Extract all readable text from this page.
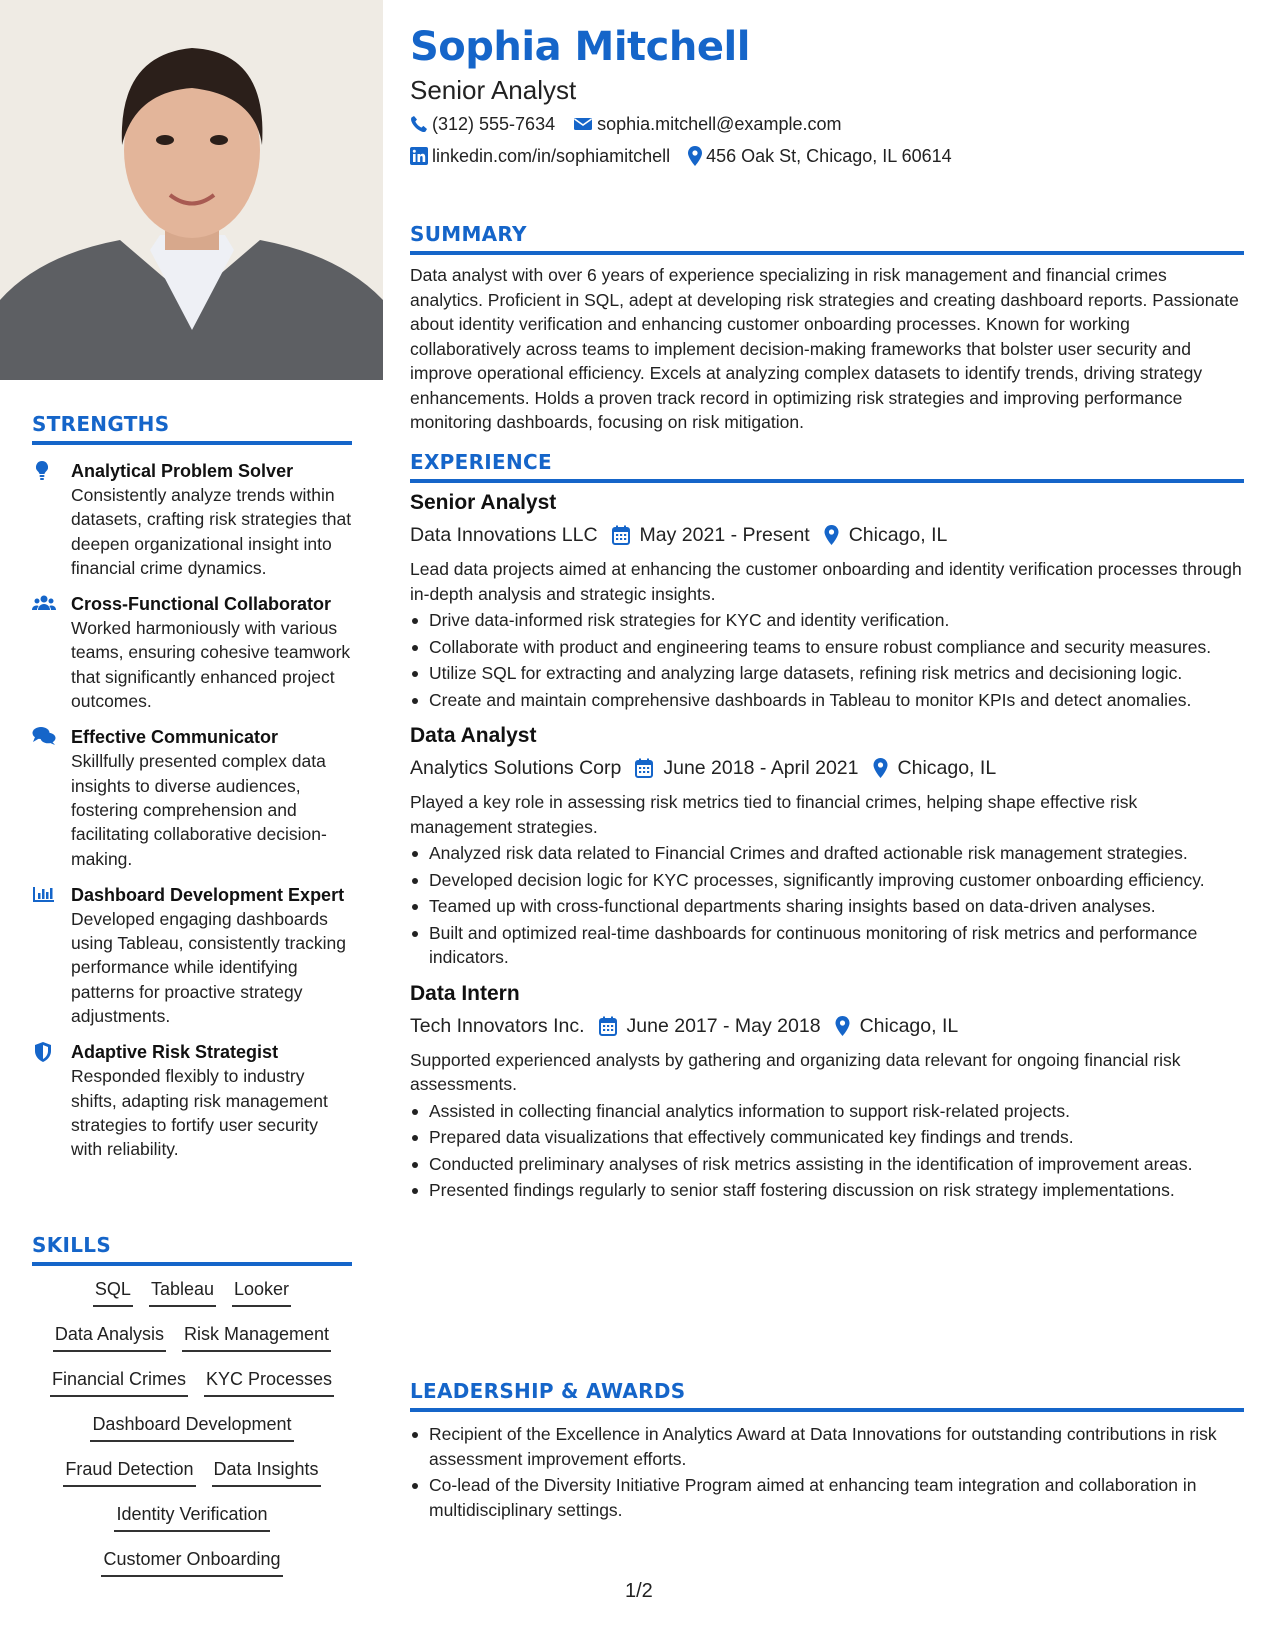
STRENGTHS
Analytical Problem Solver
Consistently analyze trends within datasets, crafting risk strategies that deepen organizational insight into financial crime dynamics.
Cross-Functional Collaborator
Worked harmoniously with various teams, ensuring cohesive teamwork that significantly enhanced project outcomes.
Effective Communicator
Skillfully presented complex data insights to diverse audiences, fostering comprehension and facilitating collaborative decision-making.
Dashboard Development Expert
Developed engaging dashboards using Tableau, consistently tracking performance while identifying patterns for proactive strategy adjustments.
Adaptive Risk Strategist
Responded flexibly to industry shifts, adapting risk management strategies to fortify user security with reliability.
SKILLS
SQL Tableau Looker
Data Analysis Risk Management
Financial Crimes KYC Processes
Dashboard Development
Fraud Detection Data Insights
Identity Verification
Customer Onboarding
Sophia Mitchell
Senior Analyst
(312) 555-7634 sophia.mitchell@example.com
linkedin.com/in/sophiamitchell 456 Oak St, Chicago, IL 60614
SUMMARY
Data analyst with over 6 years of experience specializing in risk management and financial crimes analytics. Proficient in SQL, adept at developing risk strategies and creating dashboard reports. Passionate about identity verification and enhancing customer onboarding processes. Known for working collaboratively across teams to implement decision-making frameworks that bolster user security and improve operational efficiency. Excels at analyzing complex datasets to identify trends, driving strategy enhancements. Holds a proven track record in optimizing risk strategies and improving performance monitoring dashboards, focusing on risk mitigation.
EXPERIENCE
Senior Analyst
Data Innovations LLC May 2021 - Present Chicago, IL
Lead data projects aimed at enhancing the customer onboarding and identity verification processes through in-depth analysis and strategic insights.
Drive data-informed risk strategies for KYC and identity verification.
Collaborate with product and engineering teams to ensure robust compliance and security measures.
Utilize SQL for extracting and analyzing large datasets, refining risk metrics and decisioning logic.
Create and maintain comprehensive dashboards in Tableau to monitor KPIs and detect anomalies.
Data Analyst
Analytics Solutions Corp June 2018 - April 2021 Chicago, IL
Played a key role in assessing risk metrics tied to financial crimes, helping shape effective risk management strategies.
Analyzed risk data related to Financial Crimes and drafted actionable risk management strategies.
Developed decision logic for KYC processes, significantly improving customer onboarding efficiency.
Teamed up with cross-functional departments sharing insights based on data-driven analyses.
Built and optimized real-time dashboards for continuous monitoring of risk metrics and performance indicators.
Data Intern
Tech Innovators Inc. June 2017 - May 2018 Chicago, IL
Supported experienced analysts by gathering and organizing data relevant for ongoing financial risk assessments.
Assisted in collecting financial analytics information to support risk-related projects.
Prepared data visualizations that effectively communicated key findings and trends.
Conducted preliminary analyses of risk metrics assisting in the identification of improvement areas.
Presented findings regularly to senior staff fostering discussion on risk strategy implementations.
LEADERSHIP & AWARDS
Recipient of the Excellence in Analytics Award at Data Innovations for outstanding contributions in risk assessment improvement efforts.
Co-lead of the Diversity Initiative Program aimed at enhancing team integration and collaboration in multidisciplinary settings.
1/2
